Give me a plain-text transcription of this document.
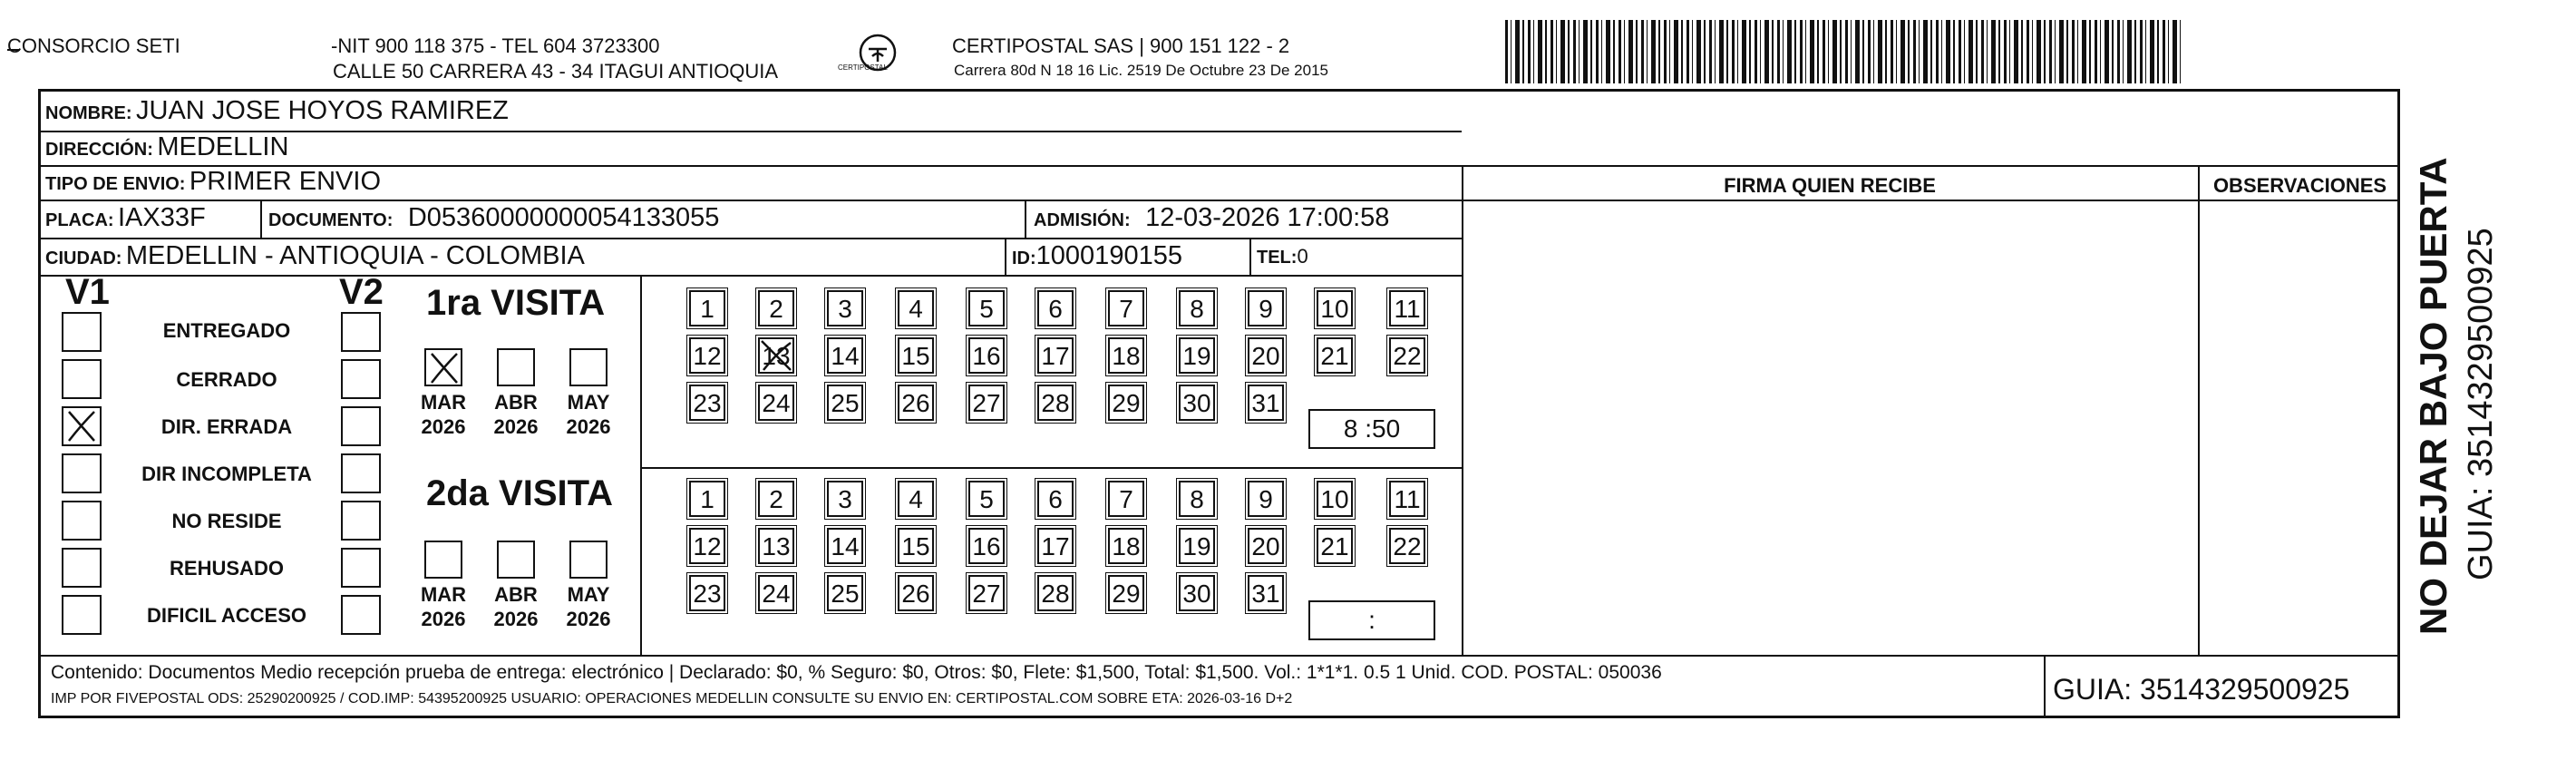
CONSORCIO SETI	-NIT 900 118 375 - TEL 604 3723300
CALLE 50 CARRERA 43 - 34 ITAGUI ANTIOQUIA	CERTIPOSTAL
CERTIPOSTAL SAS | 900 151 122 - 2
Carrera 80d N 18 16 Lic. 2519 De Octubre 23 De 2015
NOMBRE: JUAN JOSE HOYOS RAMIREZ
DIRECCIÓN: MEDELLIN
TIPO DE ENVIO: PRIMER ENVIO
PLACA: IAX33F	DOCUMENTO: D05360000000054133055	ADMISIÓN: 12-03-2026 17:00:58
CIUDAD: MEDELLIN - ANTIOQUIA - COLOMBIA	ID:1000190155	TEL:0
FIRMA QUIEN RECIBE	OBSERVACIONES
V1	V2
ENTREGADO
CERRADO
DIR. ERRADA
DIR INCOMPLETA
NO RESIDE
REHUSADO
DIFICIL ACCESO
1ra VISITA
MAR
2026
ABR
2026
MAY
2026
1	2	3	4	5	6	7	8	9	10 11
12 13 14 15 16 17 18 19 20 21 22
23 24 25 26 27 28 29 30 31
8 :50
2da VISITA
MAR
2026
ABR
2026
MAY
2026
1	2	3	4	5	6	7	8	9	10 11
12 13 14 15 16 17 18 19 20 21 22
23 24 25 26 27 28 29 30 31
:
Contenido: Documentos Medio recepción prueba de entrega: electrónico | Declarado: $0, % Seguro: $0, Otros: $0, Flete: $1,500, Total: $1,500. Vol.: 1*1*1. 0.5 1 Unid. COD. POSTAL: 050036
IMP POR FIVEPOSTAL ODS: 25290200925 / COD.IMP: 54395200925 USUARIO: OPERACIONES MEDELLIN CONSULTE SU ENVIO EN: CERTIPOSTAL.COM SOBRE ETA: 2026-03-16 D+2	GUIA: 3514329500925
NO DEJAR BAJO PUERTA GUIA: 3514329500925
